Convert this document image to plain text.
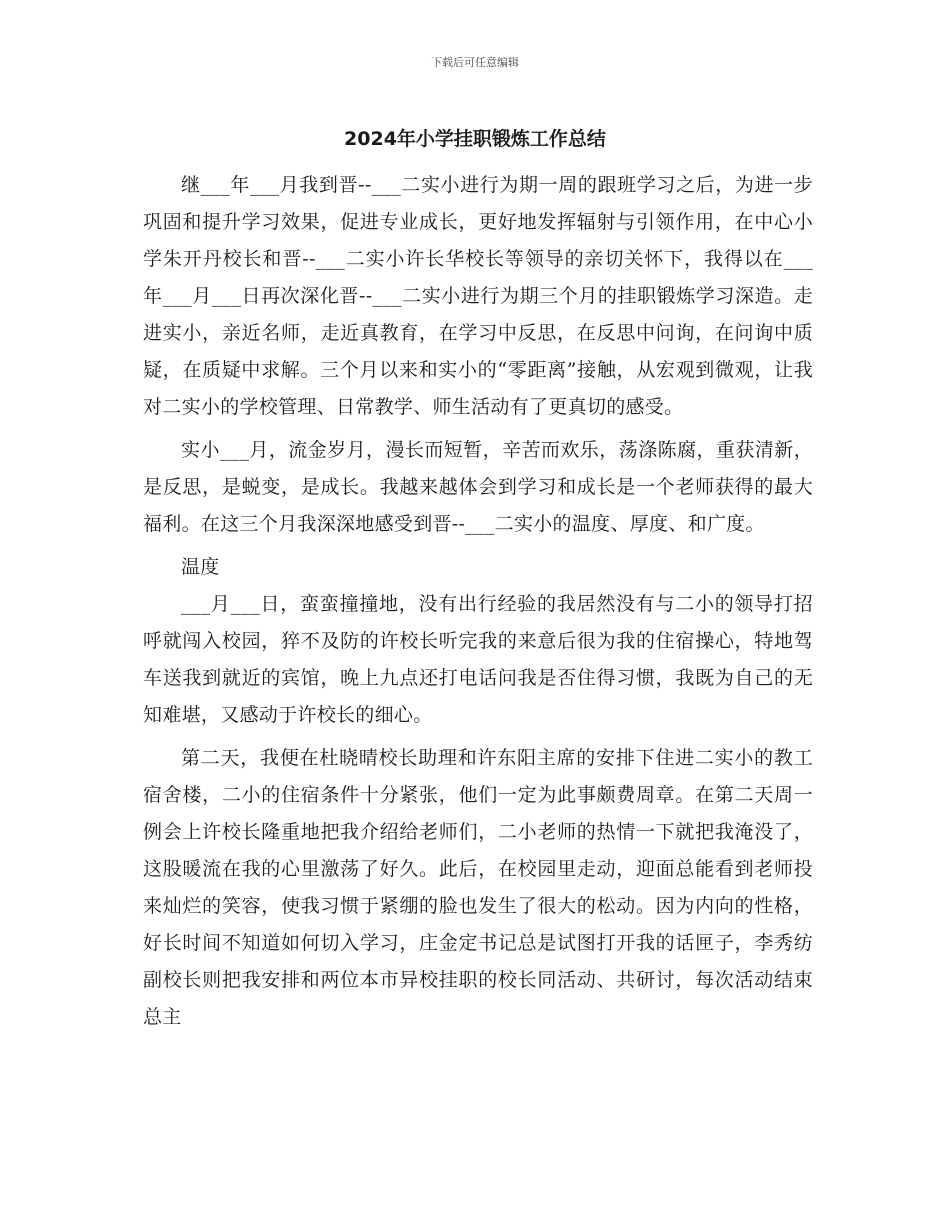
下载后可任意编辑
2024年小学挂职锻炼工作总结

继___年___月我到晋--___二实小进行为期一周的跟班学习之后，为进一步巩固和提升学习效果，促进专业成长，更好地发挥辐射与引领作用，在中心小学朱开丹校长和晋--___二实小许长华校长等领导的亲切关怀下，我得以在___年___月___日再次深化晋--___二实小进行为期三个月的挂职锻炼学习深造。走进实小，亲近名师，走近真教育，在学习中反思，在反思中问询，在问询中质疑，在质疑中求解。三个月以来和实小的“零距离”接触，从宏观到微观，让我对二实小的学校管理、日常教学、师生活动有了更真切的感受。

实小___月，流金岁月，漫长而短暂，辛苦而欢乐，荡涤陈腐，重获清新，是反思，是蜕变，是成长。我越来越体会到学习和成长是一个老师获得的最大福利。在这三个月我深深地感受到晋--___二实小的温度、厚度、和广度。

温度

___月___日，蛮蛮撞撞地，没有出行经验的我居然没有与二小的领导打招呼就闯入校园，猝不及防的许校长听完我的来意后很为我的住宿操心，特地驾车送我到就近的宾馆，晚上九点还打电话问我是否住得习惯，我既为自己的无知难堪，又感动于许校长的细心。

第二天，我便在杜晓晴校长助理和许东阳主席的安排下住进二实小的教工宿舍楼，二小的住宿条件十分紧张，他们一定为此事颇费周章。在第二天周一例会上许校长隆重地把我介绍给老师们，二小老师的热情一下就把我淹没了，这股暖流在我的心里激荡了好久。此后，在校园里走动，迎面总能看到老师投来灿烂的笑容，使我习惯于紧绷的脸也发生了很大的松动。因为内向的性格，好长时间不知道如何切入学习，庄金定书记总是试图打开我的话匣子，李秀纺副校长则把我安排和两位本市异校挂职的校长同活动、共研讨，每次活动结束总主
